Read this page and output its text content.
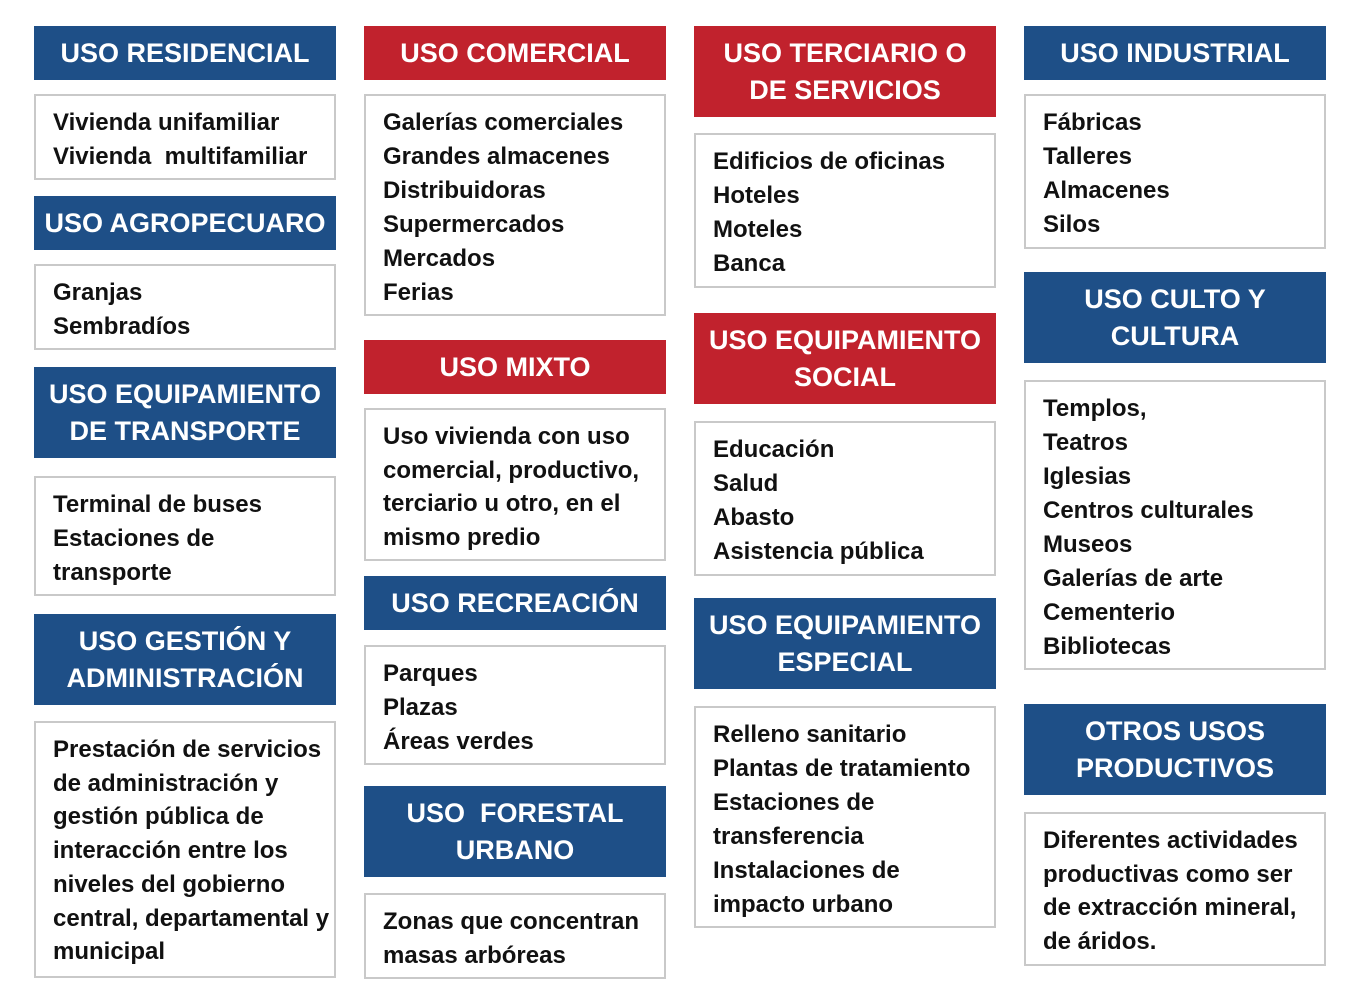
USO RESIDENCIAL
Vivienda unifamiliar
Vivienda  multifamiliar
USO AGROPECUARO
Granjas
Sembradíos
USO EQUIPAMIENTO
DE TRANSPORTE
Terminal de buses
Estaciones de
transporte
USO GESTIÓN Y
ADMINISTRACIÓN
Prestación de servicios
de administración y
gestión pública de
interacción entre los
niveles del gobierno
central, departamental y
municipal
USO COMERCIAL
Galerías comerciales
Grandes almacenes
Distribuidoras
Supermercados
Mercados
Ferias
USO MIXTO
Uso vivienda con uso
comercial, productivo,
terciario u otro, en el
mismo predio
USO RECREACIÓN
Parques
Plazas
Áreas verdes
USO  FORESTAL
URBANO
Zonas que concentran
masas arbóreas
USO TERCIARIO O
DE SERVICIOS
Edificios de oficinas
Hoteles
Moteles
Banca
USO EQUIPAMIENTO
SOCIAL
Educación
Salud
Abasto
Asistencia pública
USO EQUIPAMIENTO
ESPECIAL
Relleno sanitario
Plantas de tratamiento
Estaciones de
transferencia
Instalaciones de
impacto urbano
USO INDUSTRIAL
Fábricas
Talleres
Almacenes
Silos
USO CULTO Y
CULTURA
Templos,
Teatros
Iglesias
Centros culturales
Museos
Galerías de arte
Cementerio
Bibliotecas
OTROS USOS
PRODUCTIVOS
Diferentes actividades
productivas como ser
de extracción mineral,
de áridos.
